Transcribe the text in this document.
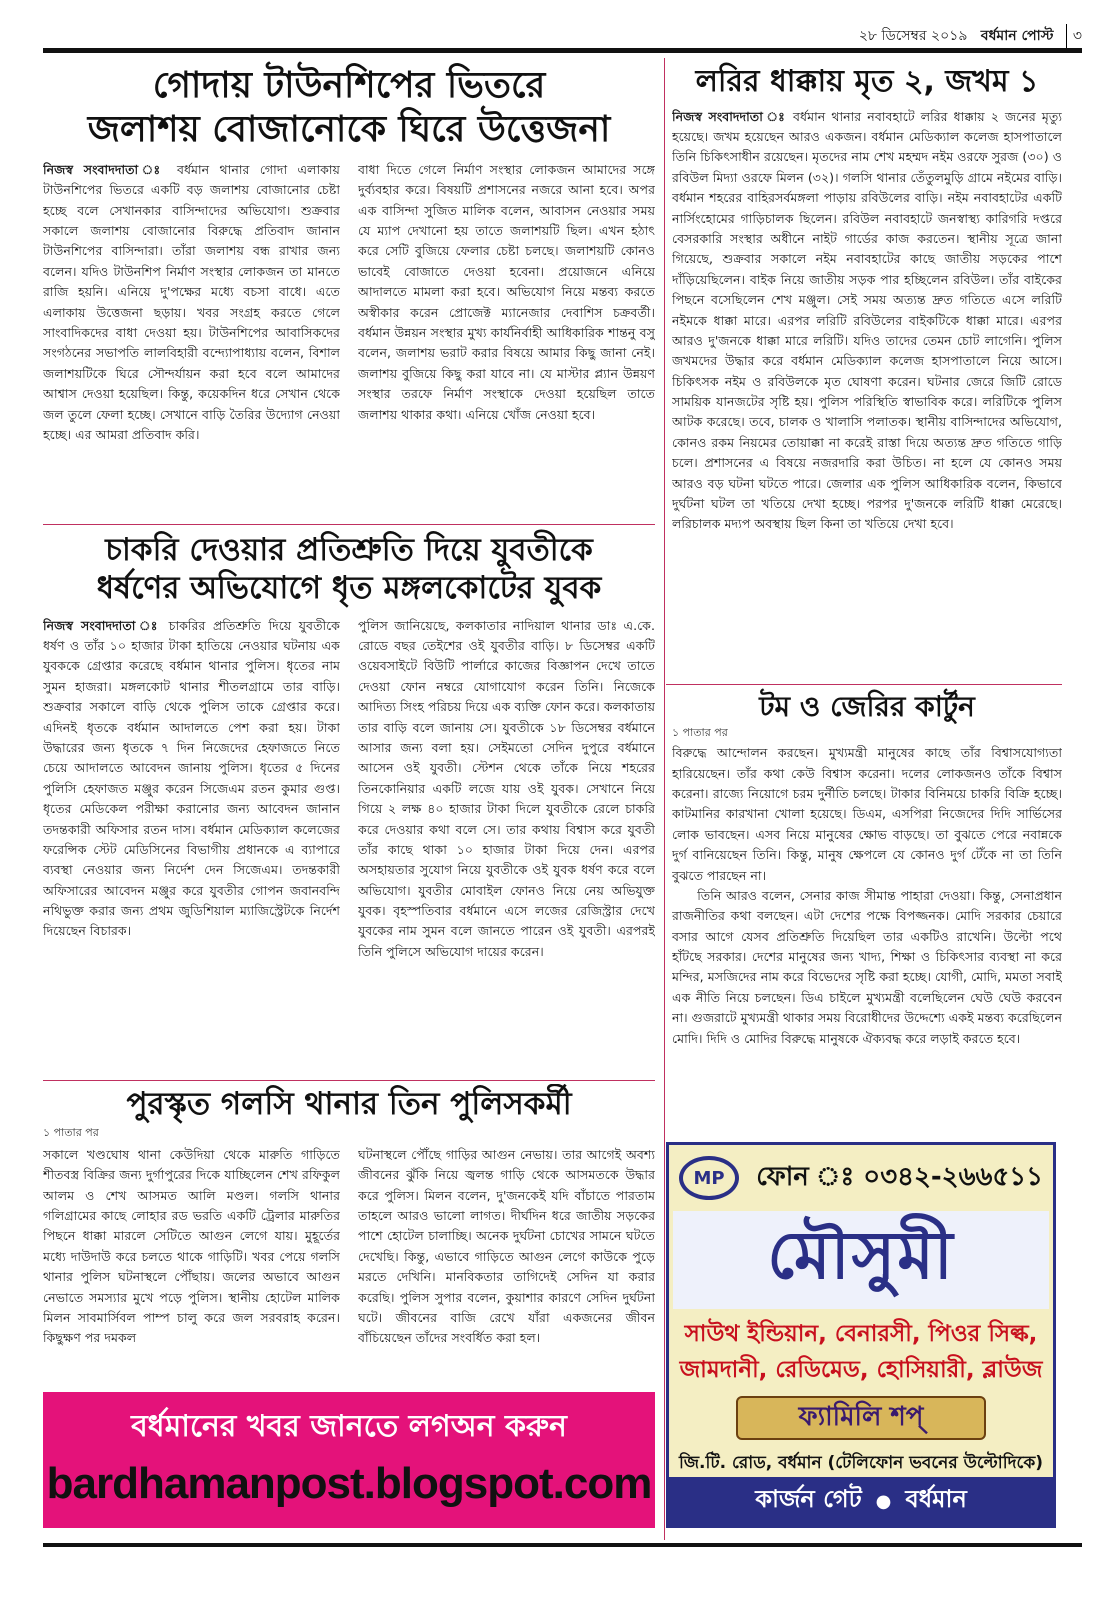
২৮ ডিসেম্বর ২০১৯ বর্ধমান পোস্ট ৩
গোদায় টাউনশিপের ভিতরে
জলাশয় বোজানোকে ঘিরে উত্তেজনা
নিজস্ব সংবাদদাতা ঃ বর্ধমান থানার গোদা এলাকায় টাউনশিপের ভিতরে একটি বড় জলাশয় বোজানোর চেষ্টা হচ্ছে বলে সেখানকার বাসিন্দাদের অভিযোগ। শুক্রবার সকালে জলাশয় বোজানোর বিরুদ্ধে প্রতিবাদ জানান টাউনশিপের বাসিন্দারা। তাঁরা জলাশয় বন্ধ রাখার জন্য বলেন। যদিও টাউনশিপ নির্মাণ সংস্থার লোকজন তা মানতে রাজি হয়নি। এনিয়ে দু'পক্ষের মধ্যে বচসা বাধে। এতে এলাকায় উত্তেজনা ছড়ায়। খবর সংগ্রহ করতে গেলে সাংবাদিকদের বাধা দেওয়া হয়। টাউনশিপের আবাসিকদের সংগঠনের সভাপতি লালবিহারী বন্দ্যোপাধ্যায় বলেন, বিশাল জলাশয়টিকে ঘিরে সৌন্দর্যায়ন করা হবে বলে আমাদের আশ্বাস দেওয়া হয়েছিল। কিন্তু, কয়েকদিন ধরে সেখান থেকে জল তুলে ফেলা হচ্ছে। সেখানে বাড়ি তৈরির উদ্যোগ নেওয়া হচ্ছে। এর আমরা প্রতিবাদ করি।
বাধা দিতে গেলে নির্মাণ সংস্থার লোকজন আমাদের সঙ্গে দুর্ব্যবহার করে। বিষয়টি প্রশাসনের নজরে আনা হবে। অপর এক বাসিন্দা সুজিত মালিক বলেন, আবাসন নেওয়ার সময় যে ম্যাপ দেখানো হয় তাতে জলাশয়টি ছিল। এখন হঠাৎ করে সেটি বুজিয়ে ফেলার চেষ্টা চলছে। জলাশয়টি কোনও ভাবেই বোজাতে দেওয়া হবেনা। প্রয়োজনে এনিয়ে আদালতে মামলা করা হবে। অভিযোগ নিয়ে মন্তব্য করতে অস্বীকার করেন প্রোজেক্ট ম্যানেজার দেবাশিস চক্রবর্তী। বর্ধমান উন্নয়ন সংস্থার মুখ্য কার্যনির্বাহী আধিকারিক শান্তনু বসু বলেন, জলাশয় ভরাট করার বিষয়ে আমার কিছু জানা নেই। জলাশয় বুজিয়ে কিছু করা যাবে না। যে মাস্টার প্ল্যান উন্নয়ণ সংস্থার তরফে নির্মাণ সংস্থাকে দেওয়া হয়েছিল তাতে জলাশয় থাকার কথা। এনিয়ে খোঁজ নেওয়া হবে।
চাকরি দেওয়ার প্রতিশ্রুতি দিয়ে যুবতীকে
ধর্ষণের অভিযোগে ধৃত মঙ্গলকোটের যুবক
নিজস্ব সংবাদদাতা ঃ চাকরির প্রতিশ্রুতি দিয়ে যুবতীকে ধর্ষণ ও তাঁর ১০ হাজার টাকা হাতিয়ে নেওয়ার ঘটনায় এক যুবককে গ্রেপ্তার করেছে বর্ধমান থানার পুলিস। ধৃতের নাম সুমন হাজরা। মঙ্গলকোট থানার শীতলগ্রামে তার বাড়ি। শুক্রবার সকালে বাড়ি থেকে পুলিস তাকে গ্রেপ্তার করে। এদিনই ধৃতকে বর্ধমান আদালতে পেশ করা হয়। টাকা উদ্ধারের জন্য ধৃতকে ৭ দিন নিজেদের হেফাজতে নিতে চেয়ে আদালতে আবেদন জানায় পুলিস। ধৃতের ৫ দিনের পুলিসি হেফাজত মঞ্জুর করেন সিজেএম রতন কুমার গুপ্ত। ধৃতের মেডিকেল পরীক্ষা করানোর জন্য আবেদন জানান তদন্তকারী অফিসার রতন দাস। বর্ধমান মেডিক্যাল কলেজের ফরেন্সিক স্টেট মেডিসিনের বিভাগীয় প্রধানকে এ ব্যাপারে ব্যবস্থা নেওয়ার জন্য নির্দেশ দেন সিজেএম। তদন্তকারী অফিসারের আবেদন মঞ্জুর করে যুবতীর গোপন জবানবন্দি নথিভুক্ত করার জন্য প্রথম জুডিশিয়াল ম্যাজিস্ট্রেটকে নির্দেশ দিয়েছেন বিচারক।
পুলিস জানিয়েছে, কলকাতার নাদিয়াল থানার ডাঃ এ.কে. রোডে বছর তেইশের ওই যুবতীর বাড়ি। ৮ ডিসেম্বর একটি ওয়েবসাইটে বিউটি পার্লারে কাজের বিজ্ঞাপন দেখে তাতে দেওয়া ফোন নম্বরে যোগাযোগ করেন তিনি। নিজেকে আদিত্য সিংহ পরিচয় দিয়ে এক ব্যক্তি ফোন করে। কলকাতায় তার বাড়ি বলে জানায় সে। যুবতীকে ১৮ ডিসেম্বর বর্ধমানে আসার জন্য বলা হয়। সেইমতো সেদিন দুপুরে বর্ধমানে আসেন ওই যুবতী। স্টেশন থেকে তাঁকে নিয়ে শহরের তিনকোনিয়ার একটি লজে যায় ওই যুবক। সেখানে নিয়ে গিয়ে ২ লক্ষ ৪০ হাজার টাকা দিলে যুবতীকে রেলে চাকরি করে দেওয়ার কথা বলে সে। তার কথায় বিশ্বাস করে যুবতী তাঁর কাছে থাকা ১০ হাজার টাকা দিয়ে দেন। এরপর অসহায়তার সুযোগ নিয়ে যুবতীকে ওই যুবক ধর্ষণ করে বলে অভিযোগ। যুবতীর মোবাইল ফোনও নিয়ে নেয় অভিযুক্ত যুবক। বৃহস্পতিবার বর্ধমানে এসে লজের রেজিস্ট্রার দেখে যুবকের নাম সুমন বলে জানতে পারেন ওই যুবতী। এরপরই তিনি পুলিসে অভিযোগ দায়ের করেন।
পুরস্কৃত গলসি থানার তিন পুলিসকর্মী
১ পাতার পর
সকালে খণ্ডঘোষ থানা কেউদিয়া থেকে মারুতি গাড়িতে শীতবস্ত্র বিক্রির জন্য দুর্গাপুরের দিকে যাচ্ছিলেন শেখ রফিকুল আলম ও শেখ আসমত আলি মণ্ডল। গলসি থানার গলিগ্রামের কাছে লোহার রড ভরতি একটি ট্রেলার মারুতির পিছনে ধাক্কা মারলে সেটিতে আগুন লেগে যায়। মুহূর্তের মধ্যে দাউদাউ করে চলতে থাকে গাড়িটি। খবর পেয়ে গলসি থানার পুলিস ঘটনাস্থলে পৌঁছায়। জলের অভাবে আগুন নেভাতে সমস্যার মুখে পড়ে পুলিস। স্থানীয় হোটেল মালিক মিলন সাবমার্সিবল পাম্প চালু করে জল সরবরাহ করেন। কিছুক্ষণ পর দমকল
ঘটনাস্থলে পৌঁছে গাড়ির আগুন নেভায়। তার আগেই অবশ্য জীবনের ঝুঁকি নিয়ে জ্বলন্ত গাড়ি থেকে আসমতকে উদ্ধার করে পুলিস। মিলন বলেন, দু'জনকেই যদি বাঁচাতে পারতাম তাহলে আরও ভালো লাগত। দীর্ঘদিন ধরে জাতীয় সড়কের পাশে হোটেল চালাচ্ছি। অনেক দুর্ঘটনা চোখের সামনে ঘটতে দেখেছি। কিন্তু, এভাবে গাড়িতে আগুন লেগে কাউকে পুড়ে মরতে দেখিনি। মানবিকতার তাগিদেই সেদিন যা করার করেছি। পুলিস সুপার বলেন, কুয়াশার কারণে সেদিন দুর্ঘটনা ঘটে। জীবনের বাজি রেখে যাঁরা একজনের জীবন বাঁচিয়েছেন তাঁদের সংবর্ধিত করা হল।
বর্ধমানের খবর জানতে লগঅন করুন
bardhamanpost.blogspot.com
লরির ধাক্কায় মৃত ২, জখম ১
নিজস্ব সংবাদদাতা ঃ বর্ধমান থানার নবাবহাটে লরির ধাক্কায় ২ জনের মৃত্যু হয়েছে। জখম হয়েছেন আরও একজন। বর্ধমান মেডিক্যাল কলেজ হাসপাতালে তিনি চিকিৎসাধীন রয়েছেন। মৃতদের নাম শেখ মহম্মদ নইম ওরফে সুরজ (৩০) ও রবিউল মিদ্যা ওরফে মিলন (৩২)। গলসি থানার তেঁতুলমুড়ি গ্রামে নইমের বাড়ি। বর্ধমান শহরের বাহিরসর্বমঙ্গলা পাড়ায় রবিউলের বাড়ি। নইম নবাবহাটের একটি নার্সিংহোমের গাড়িচালক ছিলেন। রবিউল নবাবহাটে জনস্বাস্থ্য কারিগরি দপ্তরে বেসরকারি সংস্থার অধীনে নাইট গার্ডের কাজ করতেন। স্থানীয় সূত্রে জানা গিয়েছে, শুক্রবার সকালে নইম নবাবহাটের কাছে জাতীয় সড়কের পাশে দাঁড়িয়েছিলেন। বাইক নিয়ে জাতীয় সড়ক পার হচ্ছিলেন রবিউল। তাঁর বাইকের পিছনে বসেছিলেন শেখ মঞ্জুল। সেই সময় অত্যন্ত দ্রুত গতিতে এসে লরিটি নইমকে ধাক্কা মারে। এরপর লরিটি রবিউলের বাইকটিকে ধাক্কা মারে। এরপর আরও দু'জনকে ধাক্কা মারে লরিটি। যদিও তাদের তেমন চোট লাগেনি। পুলিস জখমদের উদ্ধার করে বর্ধমান মেডিক্যাল কলেজ হাসপাতালে নিয়ে আসে। চিকিৎসক নইম ও রবিউলকে মৃত ঘোষণা করেন। ঘটনার জেরে জিটি রোডে সাময়িক যানজটের সৃষ্টি হয়। পুলিস পরিস্থিতি স্বাভাবিক করে। লরিটিকে পুলিস আটক করেছে। তবে, চালক ও খালাসি পলাতক। স্থানীয় বাসিন্দাদের অভিযোগ, কোনও রকম নিয়মের তোয়াক্কা না করেই রাস্তা দিয়ে অত্যন্ত দ্রুত গতিতে গাড়ি চলে। প্রশাসনের এ বিষয়ে নজরদারি করা উচিত। না হলে যে কোনও সময় আরও বড় ঘটনা ঘটতে পারে। জেলার এক পুলিস আধিকারিক বলেন, কিভাবে দুর্ঘটনা ঘটল তা খতিয়ে দেখা হচ্ছে। পরপর দু'জনকে লরিটি ধাক্কা মেরেছে। লরিচালক মদ্যপ অবস্থায় ছিল কিনা তা খতিয়ে দেখা হবে।
টম ও জেরির কার্টুন
১ পাতার পর
বিরুদ্ধে আন্দোলন করছেন। মুখ্যমন্ত্রী মানুষের কাছে তাঁর বিশ্বাসযোগ্যতা হারিয়েছেন। তাঁর কথা কেউ বিশ্বাস করেনা। দলের লোকজনও তাঁকে বিশ্বাস করেনা। রাজ্যে নিয়োগে চরম দুর্নীতি চলছে। টাকার বিনিময়ে চাকরি বিক্রি হচ্ছে। কাটমানির কারখানা খোলা হয়েছে। ডিএম, এসপিরা নিজেদের দিদি সার্ভিসের লোক ভাবছেন। এসব নিয়ে মানুষের ক্ষোভ বাড়ছে। তা বুঝতে পেরে নবান্নকে দুর্গ বানিয়েছেন তিনি। কিন্তু, মানুষ ক্ষেপলে যে কোনও দুর্গ টেঁকে না তা তিনি বুঝতে পারছেন না।
তিনি আরও বলেন, সেনার কাজ সীমান্ত পাহারা দেওয়া। কিন্তু, সেনাপ্রধান রাজনীতির কথা বলছেন। এটা দেশের পক্ষে বিপজ্জনক। মোদি সরকার চেয়ারে বসার আগে যেসব প্রতিশ্রুতি দিয়েছিল তার একটিও রাখেনি। উল্টো পথে হাঁটছে সরকার। দেশের মানুষের জন্য খাদ্য, শিক্ষা ও চিকিৎসার ব্যবস্থা না করে মন্দির, মসজিদের নাম করে বিভেদের সৃষ্টি করা হচ্ছে। যোগী, মোদি, মমতা সবাই এক নীতি নিয়ে চলছেন। ডিএ চাইলে মুখ্যমন্ত্রী বলেছিলেন ঘেউ ঘেউ করবেন না। গুজরাটে মুখ্যমন্ত্রী থাকার সময় বিরোধীদের উদ্দেশ্যে একই মন্তব্য করেছিলেন মোদি। দিদি ও মোদির বিরুদ্ধে মানুষকে ঐক্যবদ্ধ করে লড়াই করতে হবে।
MP	ফোন ঃ ০৩৪২-২৬৬৫১১
মৌসুমী
সাউথ ইন্ডিয়ান, বেনারসী, পিওর সিল্ক,
জামদানী, রেডিমেড, হোসিয়ারী, ব্লাউজ
ফ্যামিলি শপ্
জি.টি. রোড, বর্ধমান (টেলিফোন ভবনের উল্টোদিকে)
কার্জন গেট ● বর্ধমান
